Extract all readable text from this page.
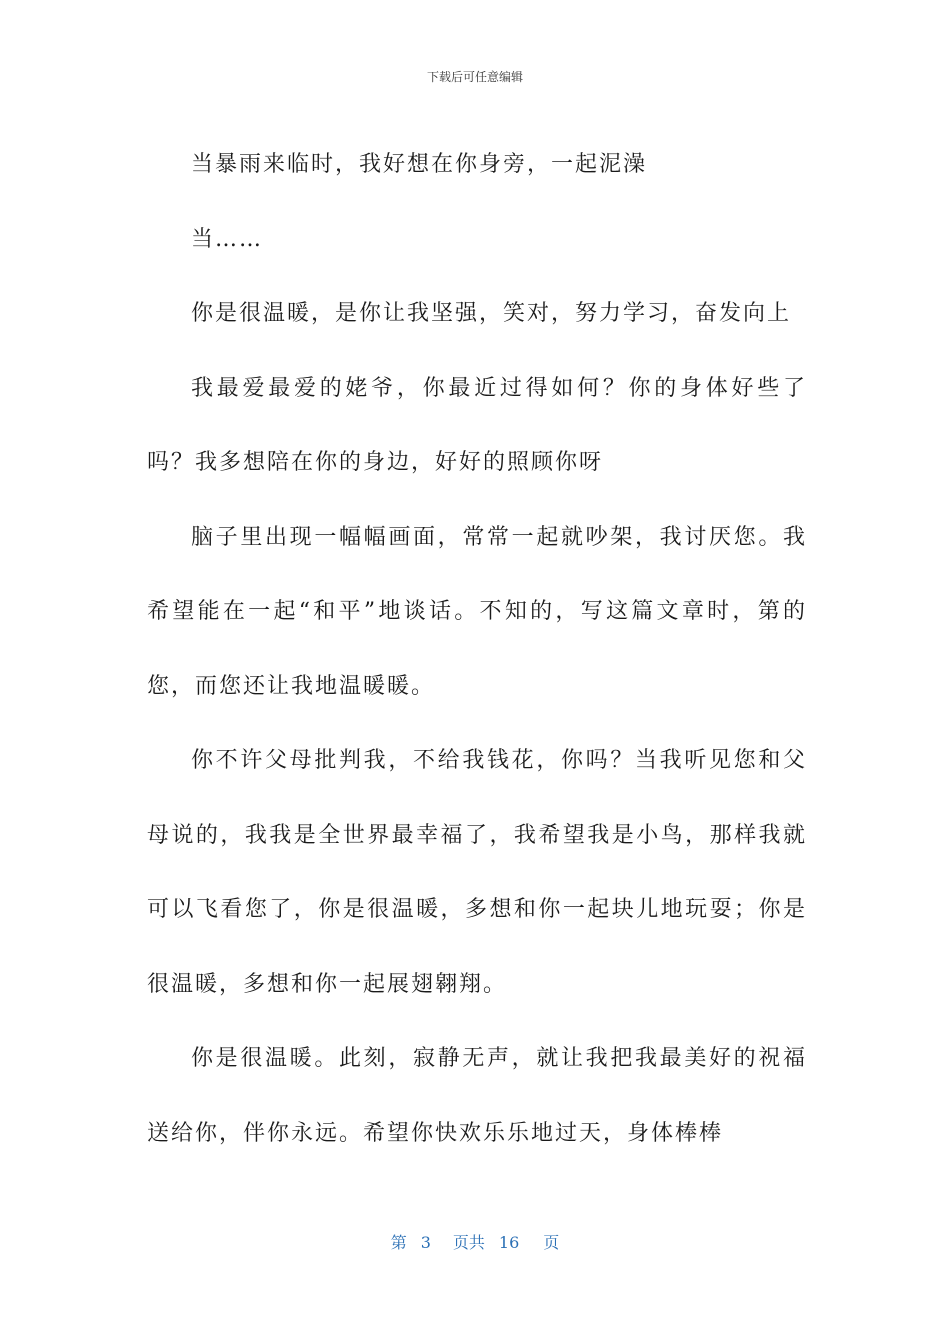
下载后可任意编辑

当暴雨来临时，我好想在你身旁，一起泥澡

当……

你是很温暖，是你让我坚强，笑对，努力学习，奋发向上

我最爱最爱的姥爷，你最近过得如何？你的身体好些了吗？我多想陪在你的身边，好好的照顾你呀

脑子里出现一幅幅画面，常常一起就吵架，我讨厌您。我希望能在一起“和平”地谈话。不知的，写这篇文章时，第的您，而您还让我地温暖暖。

你不许父母批判我，不给我钱花，你吗？当我听见您和父母说的，我我是全世界最幸福了，我希望我是小鸟，那样我就可以飞看您了，你是很温暖，多想和你一起块儿地玩耍；你是很温暖，多想和你一起展翅翱翔。

你是很温暖。此刻，寂静无声，就让我把我最美好的祝福送给你，伴你永远。希望你快欢乐乐地过天，身体棒棒

第 3 页共 16 页
